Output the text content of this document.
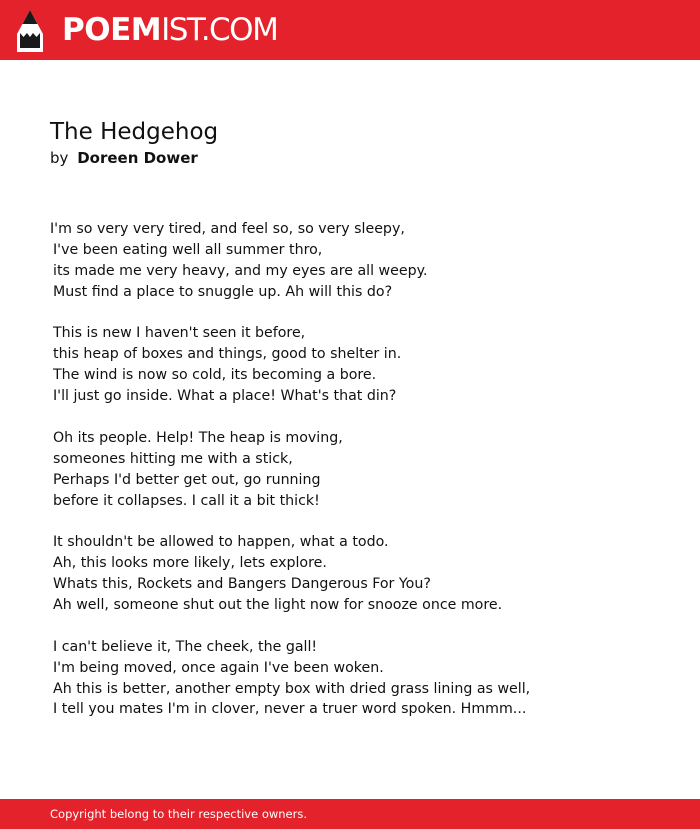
POEMIST.COM
The Hedgehog
by Doreen Dower
I'm so very very tired, and feel so, so very sleepy,
I've been eating well all summer thro,
its made me very heavy, and my eyes are all weepy.
Must find a place to snuggle up. Ah will this do?
This is new I haven't seen it before,
this heap of boxes and things, good to shelter in.
The wind is now so cold, its becoming a bore.
I'll just go inside. What a place! What's that din?
Oh its people. Help! The heap is moving,
someones hitting me with a stick,
Perhaps I'd better get out, go running
before it collapses. I call it a bit thick!
It shouldn't be allowed to happen, what a todo.
Ah, this looks more likely, lets explore.
Whats this, Rockets and Bangers Dangerous For You?
Ah well, someone shut out the light now for snooze once more.
I can't believe it, The cheek, the gall!
I'm being moved, once again I've been woken.
Ah this is better, another empty box with dried grass lining as well,
I tell you mates I'm in clover, never a truer word spoken. Hmmm...
Copyright belong to their respective owners.
